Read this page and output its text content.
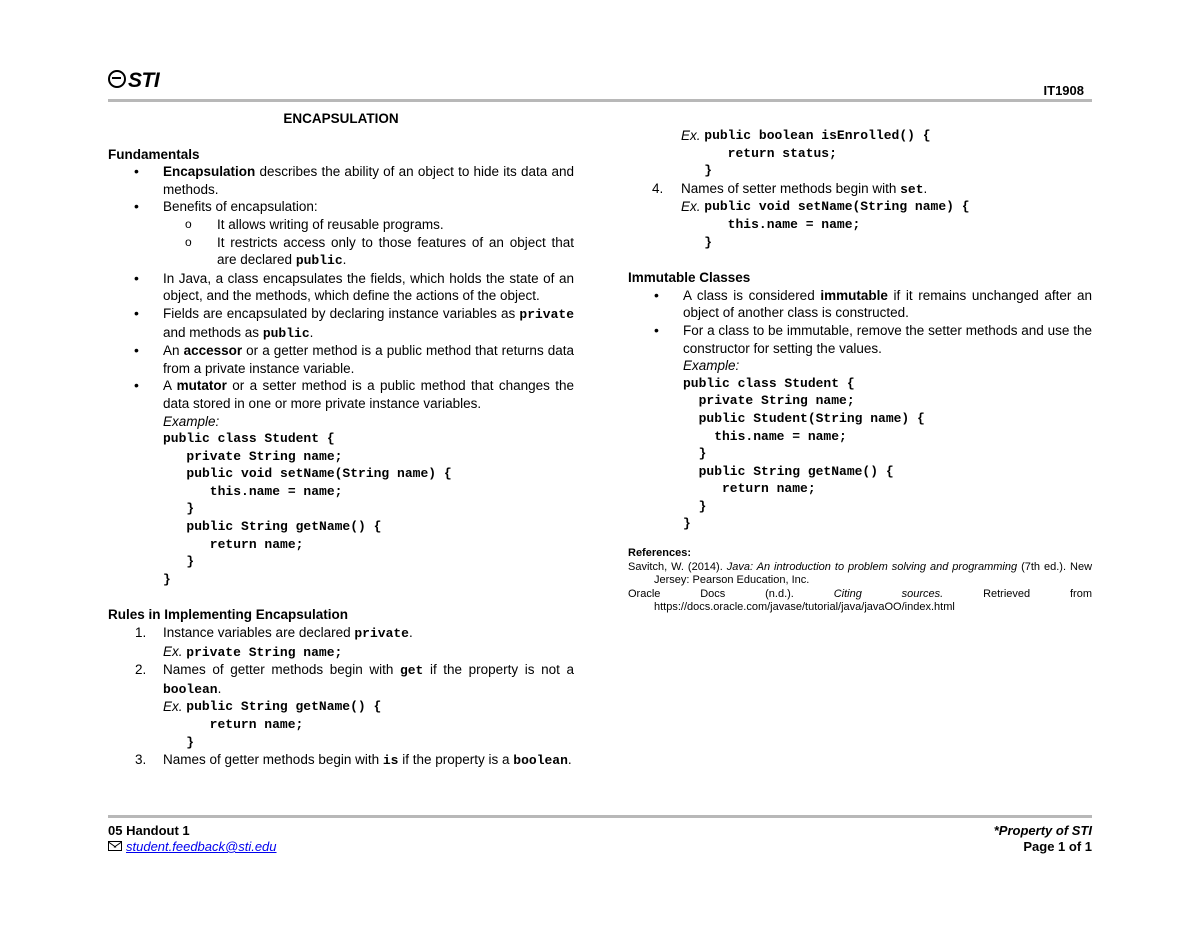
STI	IT1908
ENCAPSULATION
Fundamentals
• Encapsulation describes the ability of an object to hide its data and methods.
• Benefits of encapsulation:
o It allows writing of reusable programs.
o It restricts access only to those features of an object that are declared public.
• In Java, a class encapsulates the fields, which holds the state of an object, and the methods, which define the actions of the object.
• Fields are encapsulated by declaring instance variables as private and methods as public.
• An accessor or a getter method is a public method that returns data from a private instance variable.
• A mutator or a setter method is a public method that changes the data stored in one or more private instance variables.
Example:
public class Student {
private String name;
public void setName(String name) {
this.name = name;
}
public String getName() {
return name;
}
}
Rules in Implementing Encapsulation
1. Instance variables are declared private.
Ex. private String name;
2. Names of getter methods begin with get if the property is not a boolean.
Ex.
public String getName() {
return name;
}
3. Names of getter methods begin with is if the property is a boolean.
Ex.
public boolean isEnrolled() {
return status;
}
4. Names of setter methods begin with set.
Ex.
public void setName(String name) {
this.name = name;
}
Immutable Classes
• A class is considered immutable if it remains unchanged after an object of another class is constructed.
• For a class to be immutable, remove the setter methods and use the constructor for setting the values.
Example:
public class Student {
private String name;
public Student(String name) {
this.name = name;
}
public String getName() {
return name;
}
}
References:
Savitch, W. (2014). Java: An introduction to problem solving and programming (7th ed.). New Jersey: Pearson Education, Inc.
Oracle Docs (n.d.). Citing sources. Retrieved from
https://docs.oracle.com/javase/tutorial/java/javaOO/index.html
05 Handout 1
student.feedback@sti.edu
*Property of STI
Page 1 of 1
